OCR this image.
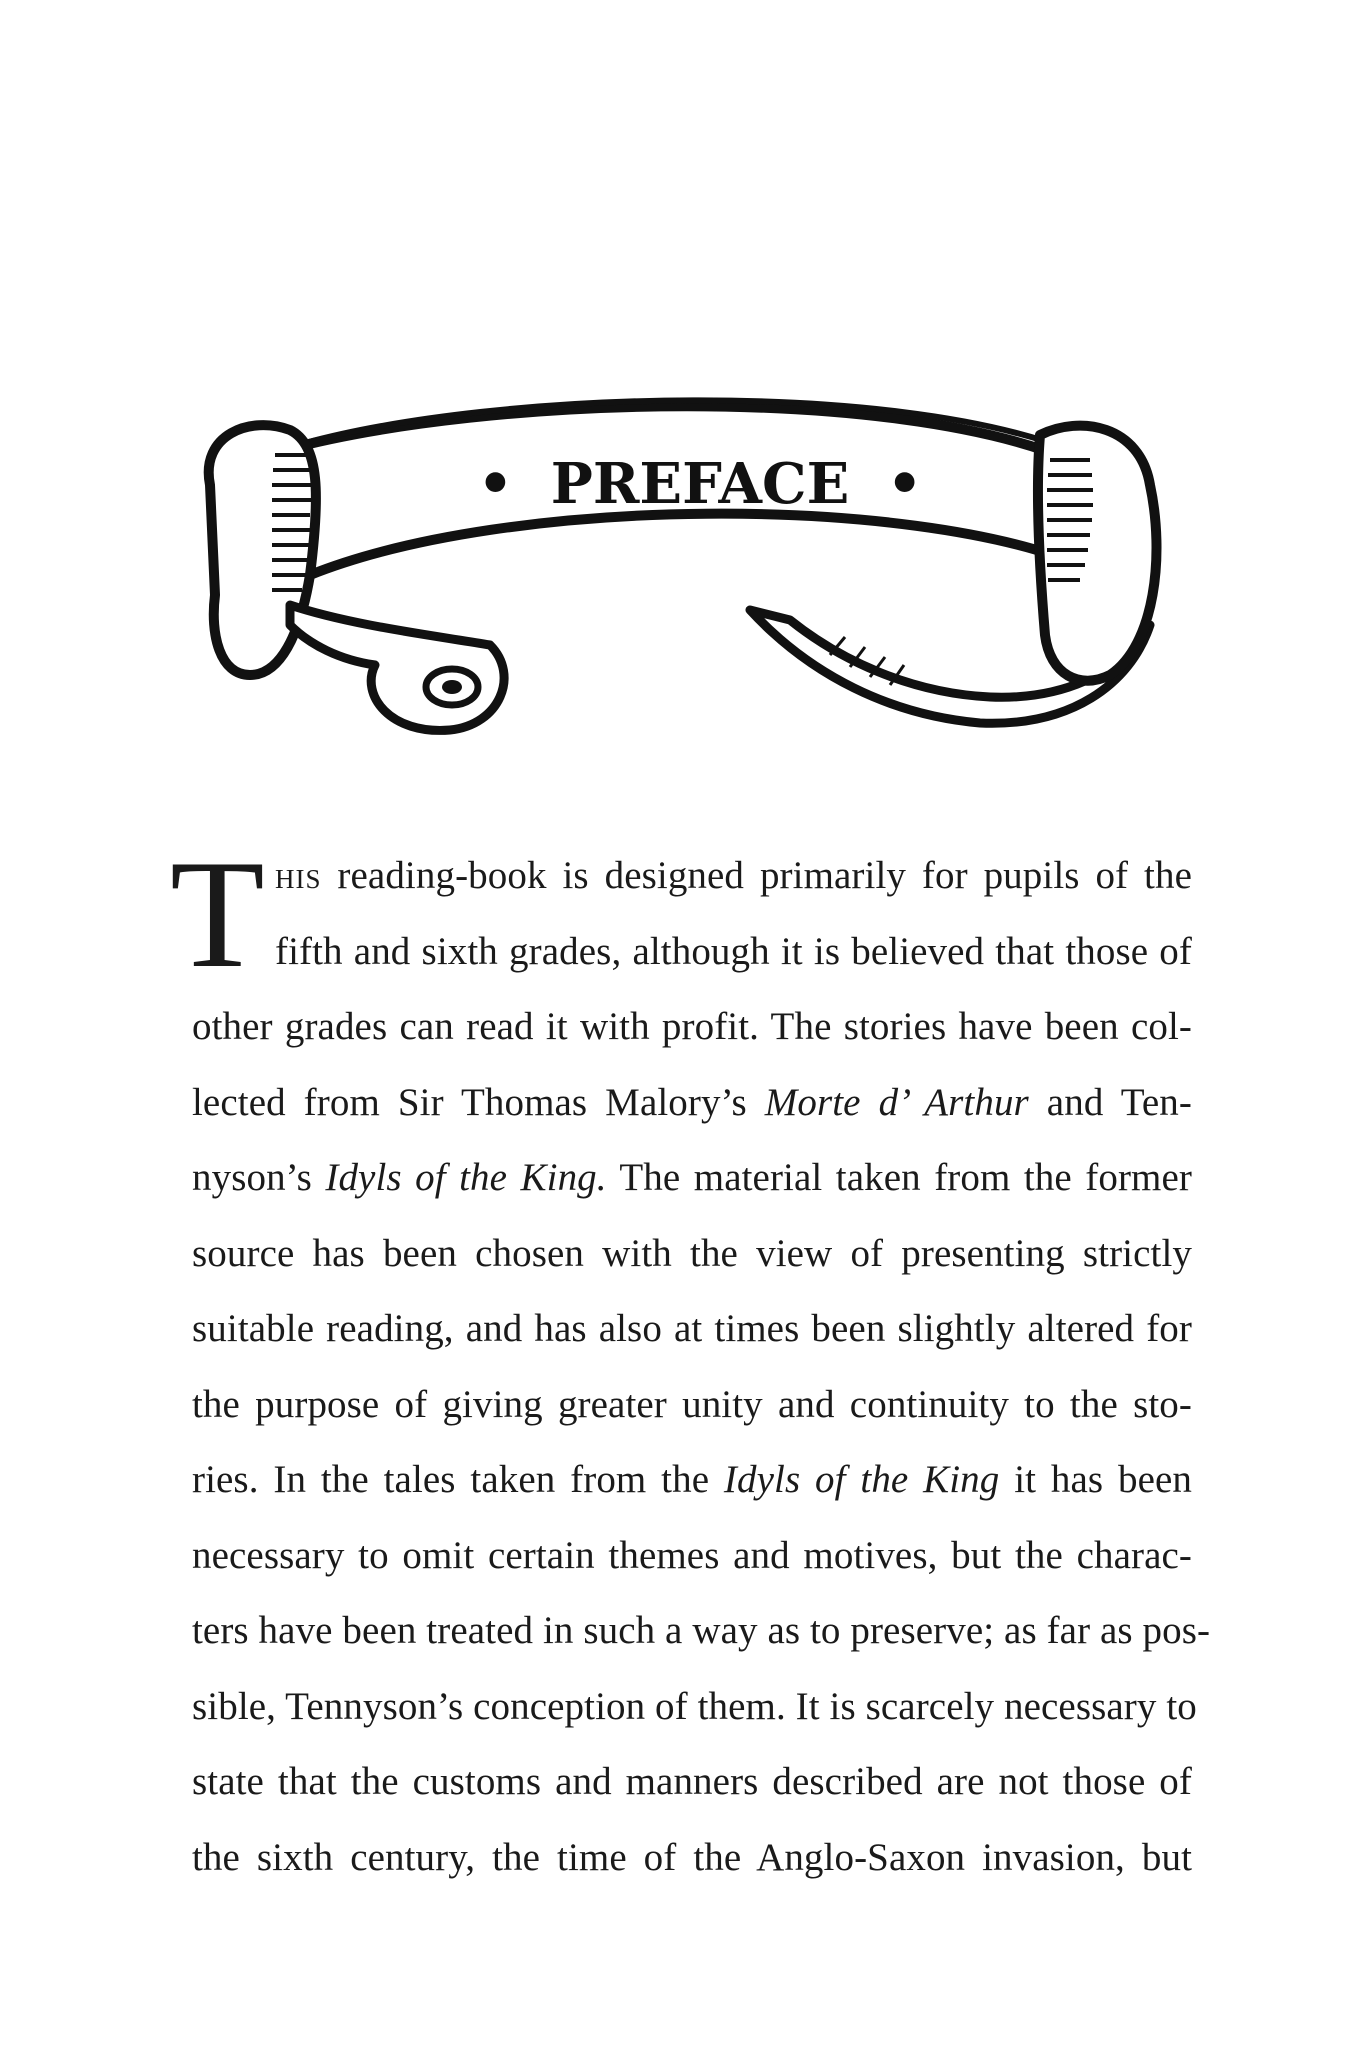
• PREFACE •
T his reading-book is designed primarily for pupils of the
fifth and sixth grades, although it is believed that those of
other grades can read it with profit. The stories have been col-
lected from Sir Thomas Malory’s Morte d’ Arthur and Ten-
nyson’s Idyls of the King. The material taken from the former
source has been chosen with the view of presenting strictly
suitable reading, and has also at times been slightly altered for
the purpose of giving greater unity and continuity to the sto-
ries. In the tales taken from the Idyls of the King it has been
necessary to omit certain themes and motives, but the charac-
ters have been treated in such a way as to preserve; as far as pos-
sible, Tennyson’s conception of them. It is scarcely necessary to
state that the customs and manners described are not those of
the sixth century, the time of the Anglo-Saxon invasion, but
